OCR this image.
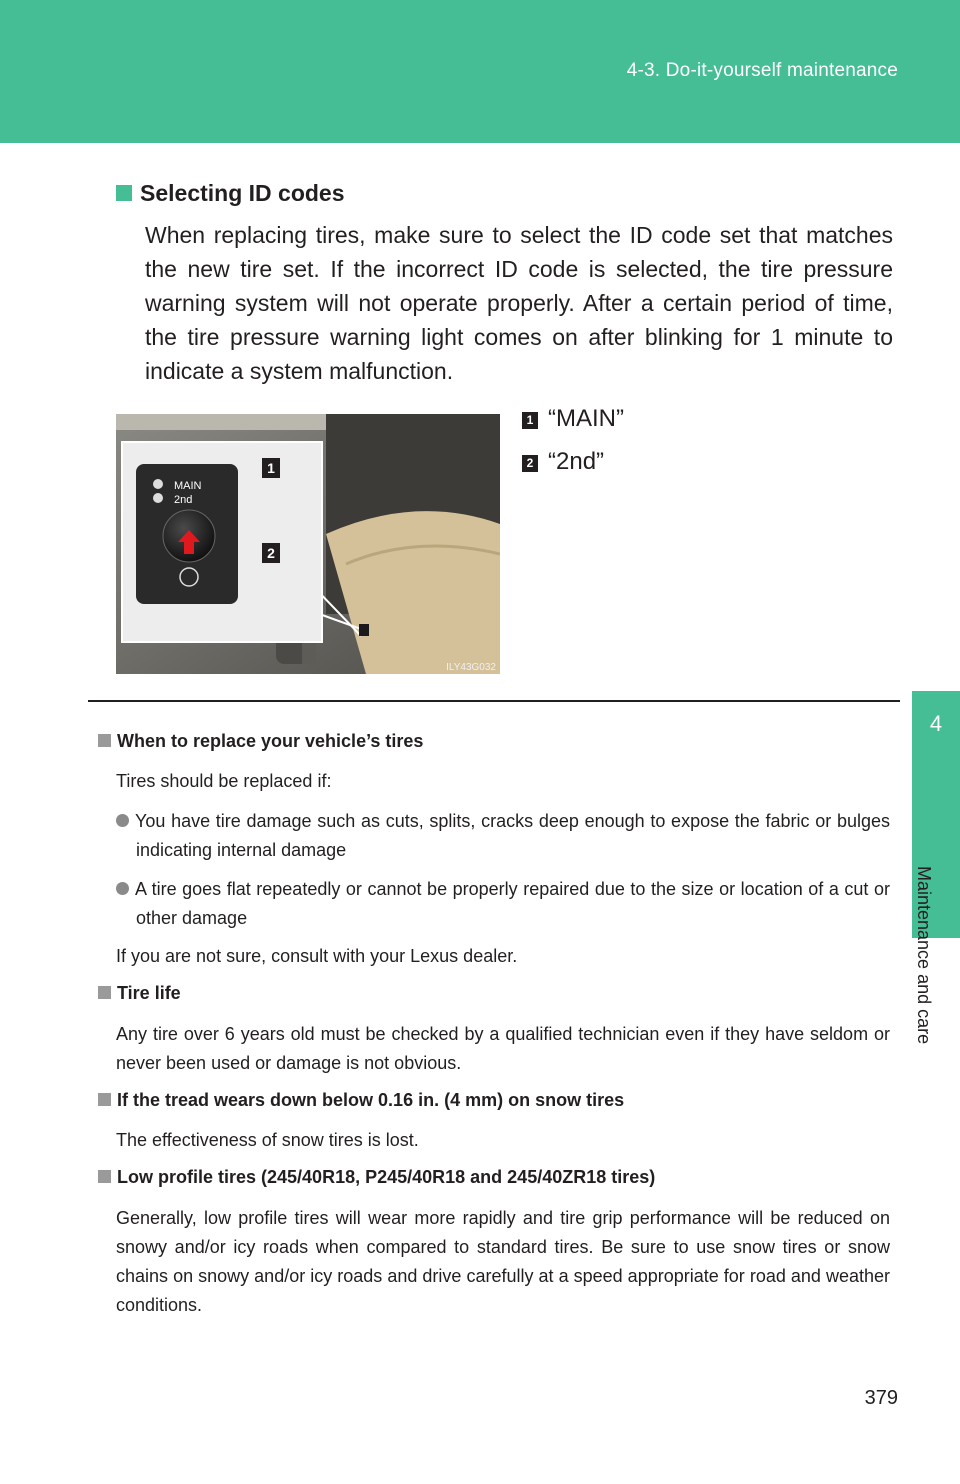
4-3. Do-it-yourself maintenance
4
Maintenance and care
Selecting ID codes
When replacing tires, make sure to select the ID code set that matches the new tire set. If the incorrect ID code is selected, the tire pressure warning system will not operate properly. After a certain period of time, the tire pressure warning light comes on after blinking for 1 minute to indicate a system malfunction.
MAIN
2nd
1
2
ILY43G032
1 “MAIN”
2 “2nd”
When to replace your vehicle’s tires
Tires should be replaced if:
You have tire damage such as cuts, splits, cracks deep enough to expose the fabric or bulges indicating internal damage
A tire goes flat repeatedly or cannot be properly repaired due to the size or location of a cut or other damage
If you are not sure, consult with your Lexus dealer.
Tire life
Any tire over 6 years old must be checked by a qualified technician even if they have seldom or never been used or damage is not obvious.
If the tread wears down below 0.16 in. (4 mm) on snow tires
The effectiveness of snow tires is lost.
Low profile tires (245/40R18, P245/40R18 and 245/40ZR18 tires)
Generally, low profile tires will wear more rapidly and tire grip performance will be reduced on snowy and/or icy roads when compared to standard tires. Be sure to use snow tires or snow chains on snowy and/or icy roads and drive carefully at a speed appropriate for road and weather conditions.
379
